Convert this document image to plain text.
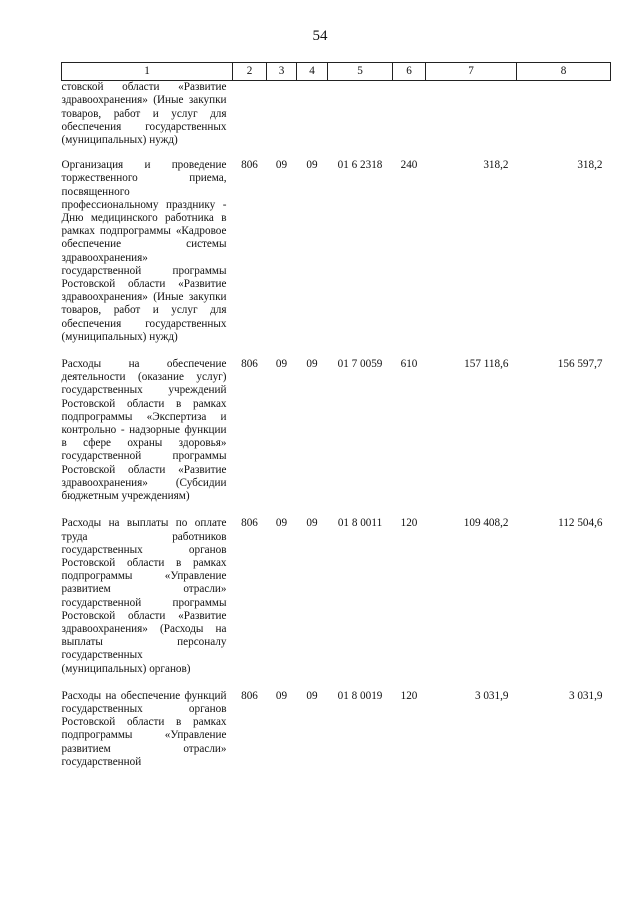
54
1	2	3	4	5	6	7	8
стовской области «Развитие здравоохранения» (Иные закупки товаров, работ и услуг для обеспечения государственных (муниципальных) нужд)							
Организация и проведение торжественного приема, посвященного профессиональному празднику - Дню медицинского работника в рамках подпрограммы «Кадровое обеспечение системы здравоохранения» государственной программы Ростовской области «Развитие здравоохранения» (Иные закупки товаров, работ и услуг для обеспечения государственных (муниципальных) нужд)	806	09	09	01 6 2318	240	318,2	318,2
Расходы на обеспечение деятельности (оказание услуг) государственных учреждений Ростовской области в рамках подпрограммы «Экспертиза и контрольно - надзорные функции в сфере охраны здоровья» государственной программы Ростовской области «Развитие здравоохранения» (Субсидии бюджетным учреждениям)	806	09	09	01 7 0059	610	157 118,6	156 597,7
Расходы на выплаты по оплате труда работников государственных органов Ростовской области в рамках подпрограммы «Управление развитием отрасли» государственной программы Ростовской области «Развитие здравоохранения» (Расходы на выплаты персоналу государственных (муниципальных) органов)	806	09	09	01 8 0011	120	109 408,2	112 504,6
Расходы на обеспечение функций государственных органов Ростовской области в рамках подпрограммы «Управление развитием отрасли» государственной	806	09	09	01 8 0019	120	3 031,9	3 031,9
